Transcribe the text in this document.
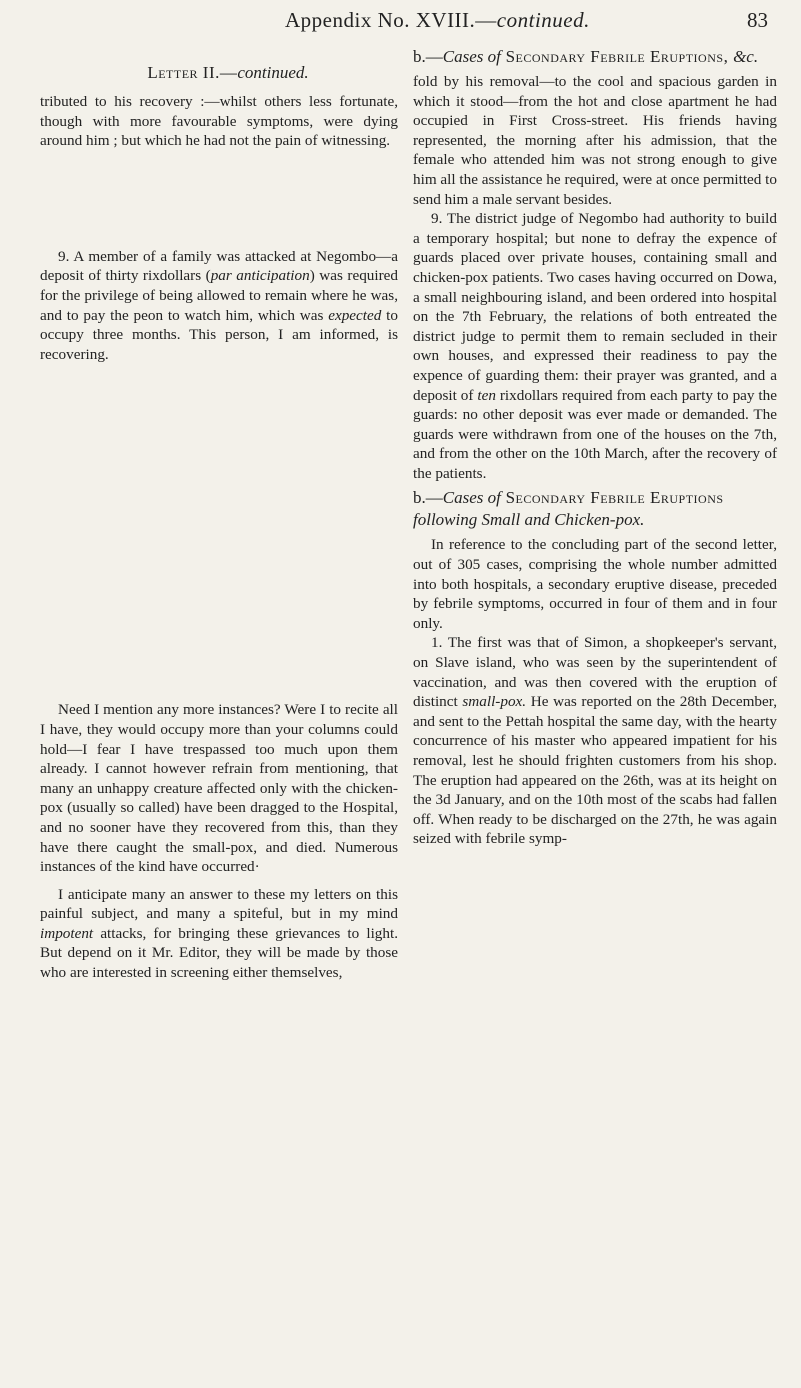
Appendix No. XVIII.—continued.	83

Letter II.—continued.

tributed to his recovery :—whilst others less fortunate, though with more favourable symptoms, were dying around him ; but which he had not the pain of witnessing.

9. A member of a family was attacked at Negombo—a deposit of thirty rixdollars (par anticipation) was required for the privilege of being allowed to remain where he was, and to pay the peon to watch him, which was expected to occupy three months. This person, I am informed, is recovering.

Need I mention any more instances? Were I to recite all I have, they would occupy more than your columns could hold—I fear I have trespassed too much upon them already. I cannot however refrain from mentioning, that many an unhappy creature affected only with the chicken-pox (usually so called) have been dragged to the Hospital, and no sooner have they recovered from this, than they have there caught the small-pox, and died. Numerous instances of the kind have occurred·

I anticipate many an answer to these my letters on this painful subject, and many a spiteful, but in my mind impotent attacks, for bringing these grievances to light. But depend on it Mr. Editor, they will be made by those who are interested in screening either themselves,

b.—Cases of Secondary Febrile Eruptions, &c.

fold by his removal—to the cool and spacious garden in which it stood—from the hot and close apartment he had occupied in First Cross-street. His friends having represented, the morning after his admission, that the female who attended him was not strong enough to give him all the assistance he required, were at once permitted to send him a male servant besides.

9. The district judge of Negombo had authority to build a temporary hospital; but none to defray the expence of guards placed over private houses, containing small and chicken-pox patients. Two cases having occurred on Dowa, a small neighbouring island, and been ordered into hospital on the 7th February, the relations of both entreated the district judge to permit them to remain secluded in their own houses, and expressed their readiness to pay the expence of guarding them: their prayer was granted, and a deposit of ten rixdollars required from each party to pay the guards: no other deposit was ever made or demanded. The guards were withdrawn from one of the houses on the 7th, and from the other on the 10th March, after the recovery of the patients.

b.—Cases of Secondary Febrile Eruptions following Small and Chicken-pox.

In reference to the concluding part of the second letter, out of 305 cases, comprising the whole number admitted into both hospitals, a secondary eruptive disease, preceded by febrile symptoms, occurred in four of them and in four only.

1. The first was that of Simon, a shopkeeper's servant, on Slave island, who was seen by the superintendent of vaccination, and was then covered with the eruption of distinct small-pox. He was reported on the 28th December, and sent to the Pettah hospital the same day, with the hearty concurrence of his master who appeared impatient for his removal, lest he should frighten customers from his shop. The eruption had appeared on the 26th, was at its height on the 3d January, and on the 10th most of the scabs had fallen off. When ready to be discharged on the 27th, he was again seized with febrile symp-
